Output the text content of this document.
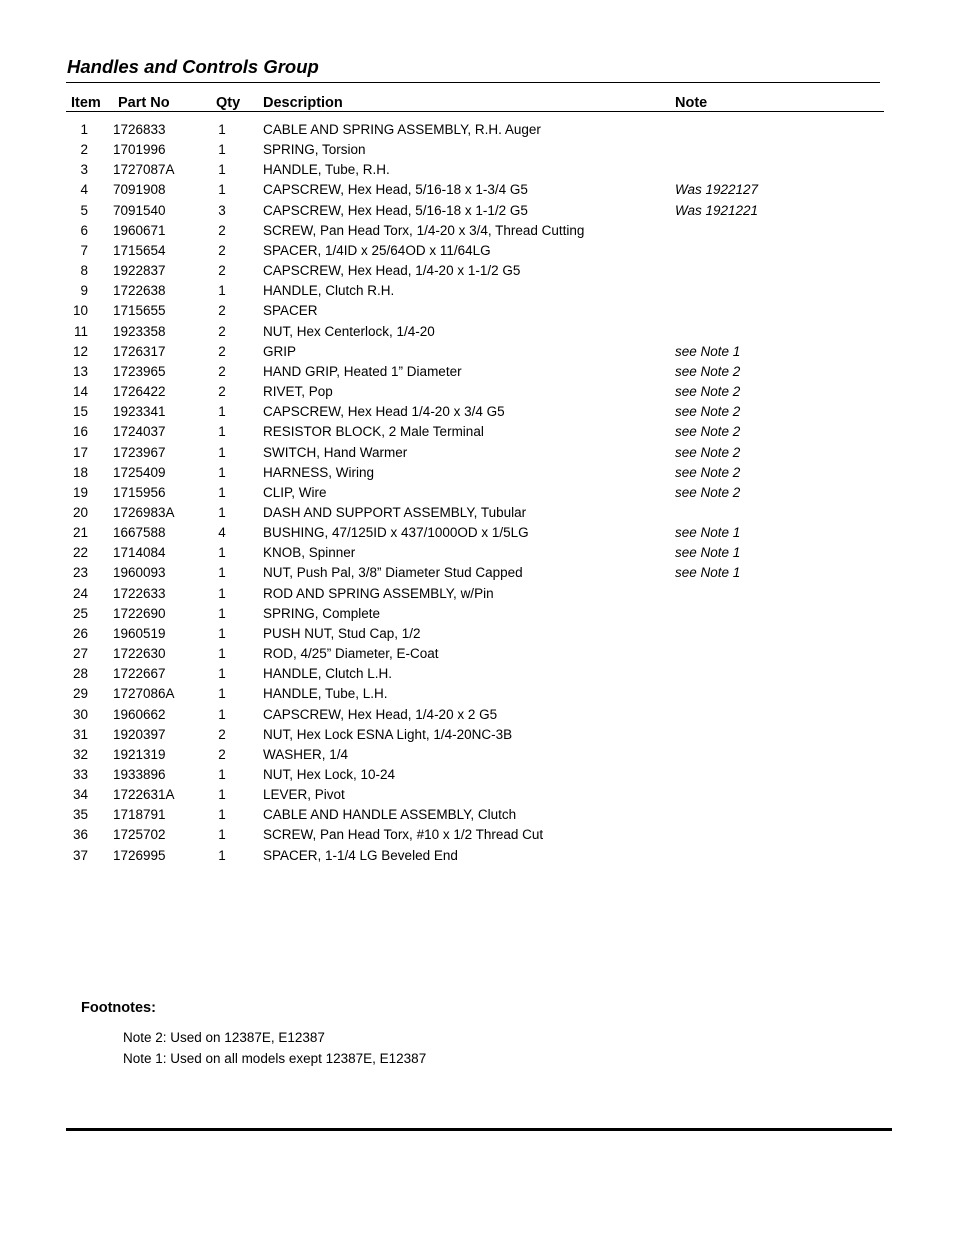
Handles and Controls Group
Item Part No	Qty Description	Note
1 1726833	1	CABLE AND SPRING ASSEMBLY, R.H. Auger
2 1701996	1	SPRING, Torsion
3 1727087A	1	HANDLE, Tube, R.H.
4 7091908	1	CAPSCREW, Hex Head, 5/16-18 x 1-3/4 G5	Was 1922127
5 7091540	3	CAPSCREW, Hex Head, 5/16-18 x 1-1/2 G5	Was 1921221
6 1960671	2	SCREW, Pan Head Torx, 1/4-20 x 3/4, Thread Cutting
7 1715654	2	SPACER, 1/4ID x 25/64OD x 11/64LG
8 1922837	2	CAPSCREW, Hex Head, 1/4-20 x 1-1/2 G5
9 1722638	1	HANDLE, Clutch R.H.
10 1715655	2	SPACER
11 1923358	2	NUT, Hex Centerlock, 1/4-20
12 1726317	2	GRIP	see Note 1
13 1723965	2	HAND GRIP, Heated 1” Diameter	see Note 2
14 1726422	2	RIVET, Pop	see Note 2
15 1923341	1	CAPSCREW, Hex Head 1/4-20 x 3/4 G5	see Note 2
16 1724037	1	RESISTOR BLOCK, 2 Male Terminal	see Note 2
17 1723967	1	SWITCH, Hand Warmer	see Note 2
18 1725409	1	HARNESS, Wiring	see Note 2
19 1715956	1	CLIP, Wire	see Note 2
20 1726983A	1	DASH AND SUPPORT ASSEMBLY, Tubular
21 1667588	4	BUSHING, 47/125ID x 437/1000OD x 1/5LG	see Note 1
22 1714084	1	KNOB, Spinner	see Note 1
23 1960093	1	NUT, Push Pal, 3/8” Diameter Stud Capped	see Note 1
24 1722633	1	ROD AND SPRING ASSEMBLY, w/Pin
25 1722690	1	SPRING, Complete
26 1960519	1	PUSH NUT, Stud Cap, 1/2
27 1722630	1	ROD, 4/25” Diameter, E-Coat
28 1722667	1	HANDLE, Clutch L.H.
29 1727086A	1	HANDLE, Tube, L.H.
30 1960662	1	CAPSCREW, Hex Head, 1/4-20 x 2 G5
31 1920397	2	NUT, Hex Lock ESNA Light, 1/4-20NC-3B
32 1921319	2	WASHER, 1/4
33 1933896	1	NUT, Hex Lock, 10-24
34 1722631A	1	LEVER, Pivot
35 1718791	1	CABLE AND HANDLE ASSEMBLY, Clutch
36 1725702	1	SCREW, Pan Head Torx, #10 x 1/2 Thread Cut
37 1726995	1	SPACER, 1-1/4 LG Beveled End
Footnotes:
Note 2: Used on 12387E, E12387
Note 1: Used on all models exept 12387E, E12387
